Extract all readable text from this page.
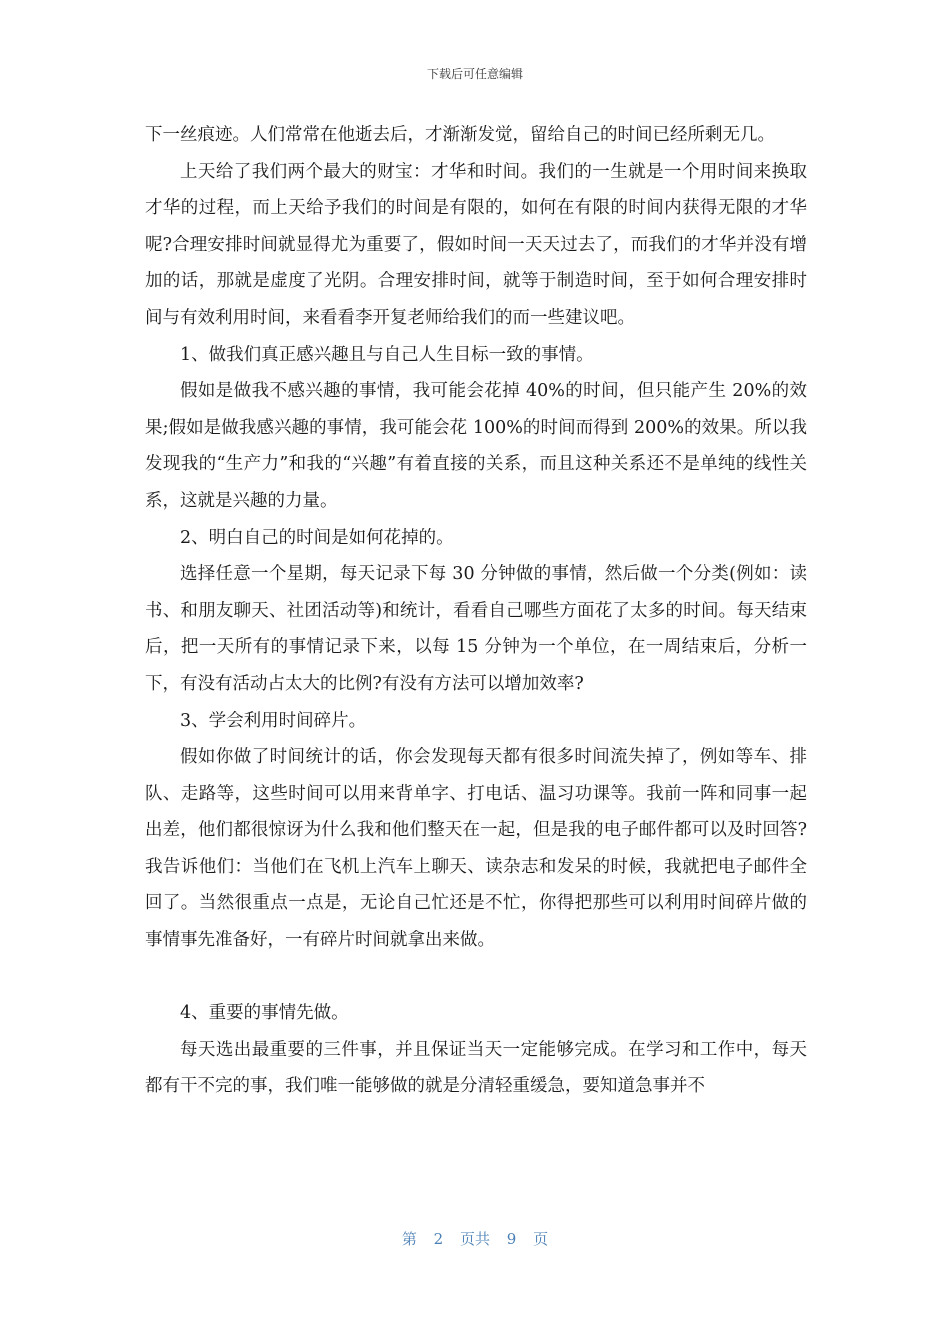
下载后可任意编辑

下一丝痕迹。人们常常在他逝去后，才渐渐发觉，留给自己的时间已经所剩无几。

上天给了我们两个最大的财宝：才华和时间。我们的一生就是一个用时间来换取才华的过程，而上天给予我们的时间是有限的，如何在有限的时间内获得无限的才华呢?合理安排时间就显得尤为重要了，假如时间一天天过去了，而我们的才华并没有增加的话，那就是虚度了光阴。合理安排时间，就等于制造时间，至于如何合理安排时间与有效利用时间，来看看李开复老师给我们的而一些建议吧。

1、做我们真正感兴趣且与自己人生目标一致的事情。

假如是做我不感兴趣的事情，我可能会花掉 40%的时间，但只能产生 20%的效果;假如是做我感兴趣的事情，我可能会花 100%的时间而得到 200%的效果。所以我发现我的“生产力”和我的“兴趣”有着直接的关系，而且这种关系还不是单纯的线性关系，这就是兴趣的力量。

2、明白自己的时间是如何花掉的。

选择任意一个星期，每天记录下每 30 分钟做的事情，然后做一个分类(例如：读书、和朋友聊天、社团活动等)和统计，看看自己哪些方面花了太多的时间。每天结束后，把一天所有的事情记录下来，以每 15 分钟为一个单位，在一周结束后，分析一下，有没有活动占太大的比例?有没有方法可以增加效率?

3、学会利用时间碎片。

假如你做了时间统计的话，你会发现每天都有很多时间流失掉了，例如等车、排队、走路等，这些时间可以用来背单字、打电话、温习功课等。我前一阵和同事一起出差，他们都很惊讶为什么我和他们整天在一起，但是我的电子邮件都可以及时回答?我告诉他们：当他们在飞机上汽车上聊天、读杂志和发呆的时候，我就把电子邮件全回了。当然很重点一点是，无论自己忙还是不忙，你得把那些可以利用时间碎片做的事情事先准备好，一有碎片时间就拿出来做。

4、重要的事情先做。

每天选出最重要的三件事，并且保证当天一定能够完成。在学习和工作中，每天都有干不完的事，我们唯一能够做的就是分清轻重缓急，要知道急事并不

第 2 页共 9 页
